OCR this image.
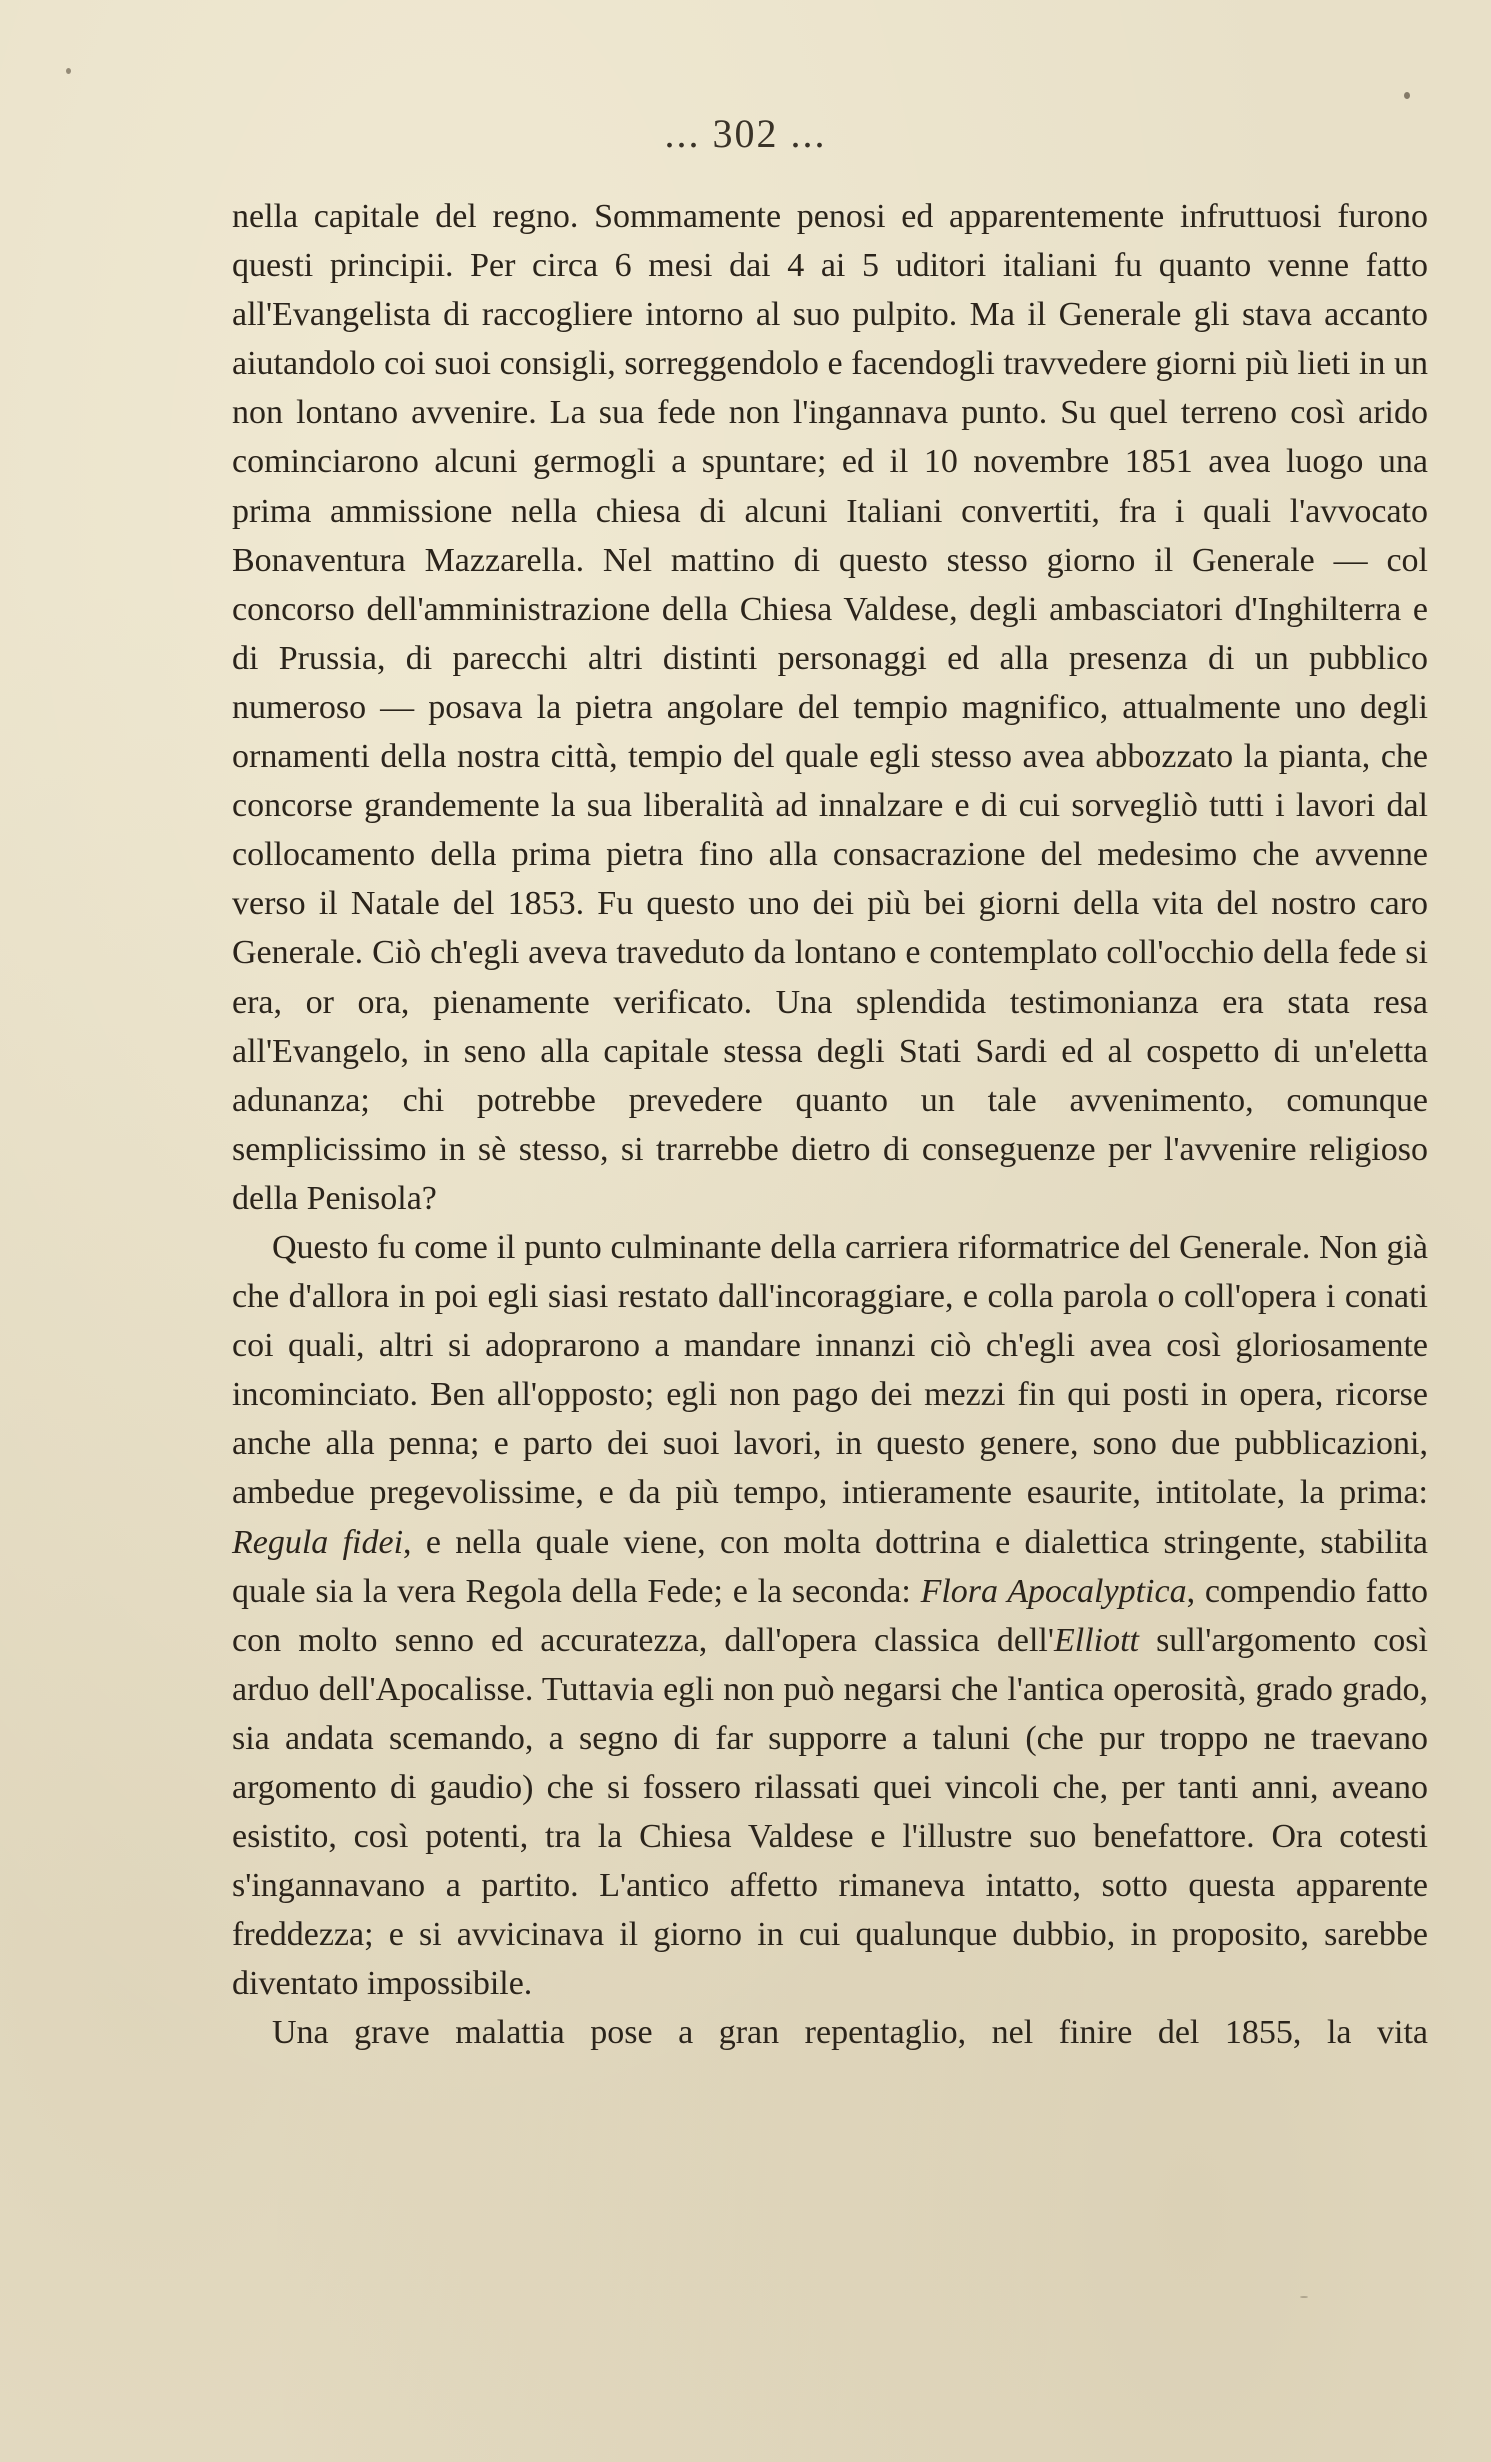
... 302 ...

nella capitale del regno. Sommamente penosi ed apparentemente infruttuosi furono questi principii. Per circa 6 mesi dai 4 ai 5 uditori italiani fu quanto venne fatto all'Evangelista di raccogliere intorno al suo pulpito. Ma il Generale gli stava accanto aiutandolo coi suoi consigli, sorreggendolo e facendogli travvedere giorni più lieti in un non lontano avvenire. La sua fede non l'ingannava punto. Su quel terreno così arido cominciarono alcuni germogli a spuntare; ed il 10 novembre 1851 avea luogo una prima ammissione nella chiesa di alcuni Italiani convertiti, fra i quali l'avvocato Bonaventura Mazzarella. Nel mattino di questo stesso giorno il Generale — col concorso dell'amministrazione della Chiesa Valdese, degli ambasciatori d'Inghilterra e di Prussia, di parecchi altri distinti personaggi ed alla presenza di un pubblico numeroso — posava la pietra angolare del tempio magnifico, attualmente uno degli ornamenti della nostra città, tempio del quale egli stesso avea abbozzato la pianta, che concorse grandemente la sua liberalità ad innalzare e di cui sorvegliò tutti i lavori dal collocamento della prima pietra fino alla consacrazione del medesimo che avvenne verso il Natale del 1853. Fu questo uno dei più bei giorni della vita del nostro caro Generale. Ciò ch'egli aveva traveduto da lontano e contemplato coll'occhio della fede si era, or ora, pienamente verificato. Una splendida testimonianza era stata resa all'Evangelo, in seno alla capitale stessa degli Stati Sardi ed al cospetto di un'eletta adunanza; chi potrebbe prevedere quanto un tale avvenimento, comunque semplicissimo in sè stesso, si trarrebbe dietro di conseguenze per l'avvenire religioso della Penisola?

Questo fu come il punto culminante della carriera riformatrice del Generale. Non già che d'allora in poi egli siasi restato dall'incoraggiare, e colla parola o coll'opera i conati coi quali, altri si adoprarono a mandare innanzi ciò ch'egli avea così gloriosamente incominciato. Ben all'opposto; egli non pago dei mezzi fin qui posti in opera, ricorse anche alla penna; e parto dei suoi lavori, in questo genere, sono due pubblicazioni, ambedue pregevolissime, e da più tempo, intieramente esaurite, intitolate, la prima: Regula fidei, e nella quale viene, con molta dottrina e dialettica stringente, stabilita quale sia la vera Regola della Fede; e la seconda: Flora Apocalyptica, compendio fatto con molto senno ed accuratezza, dall'opera classica dell'Elliott sull'argomento così arduo dell'Apocalisse. Tuttavia egli non può negarsi che l'antica operosità, grado grado, sia andata scemando, a segno di far supporre a taluni (che pur troppo ne traevano argomento di gaudio) che si fossero rilassati quei vincoli che, per tanti anni, aveano esistito, così potenti, tra la Chiesa Valdese e l'illustre suo benefattore. Ora cotesti s'ingannavano a partito. L'antico affetto rimaneva intatto, sotto questa apparente freddezza; e si avvicinava il giorno in cui qualunque dubbio, in proposito, sarebbe diventato impossibile.

Una grave malattia pose a gran repentaglio, nel finire del 1855, la vita
